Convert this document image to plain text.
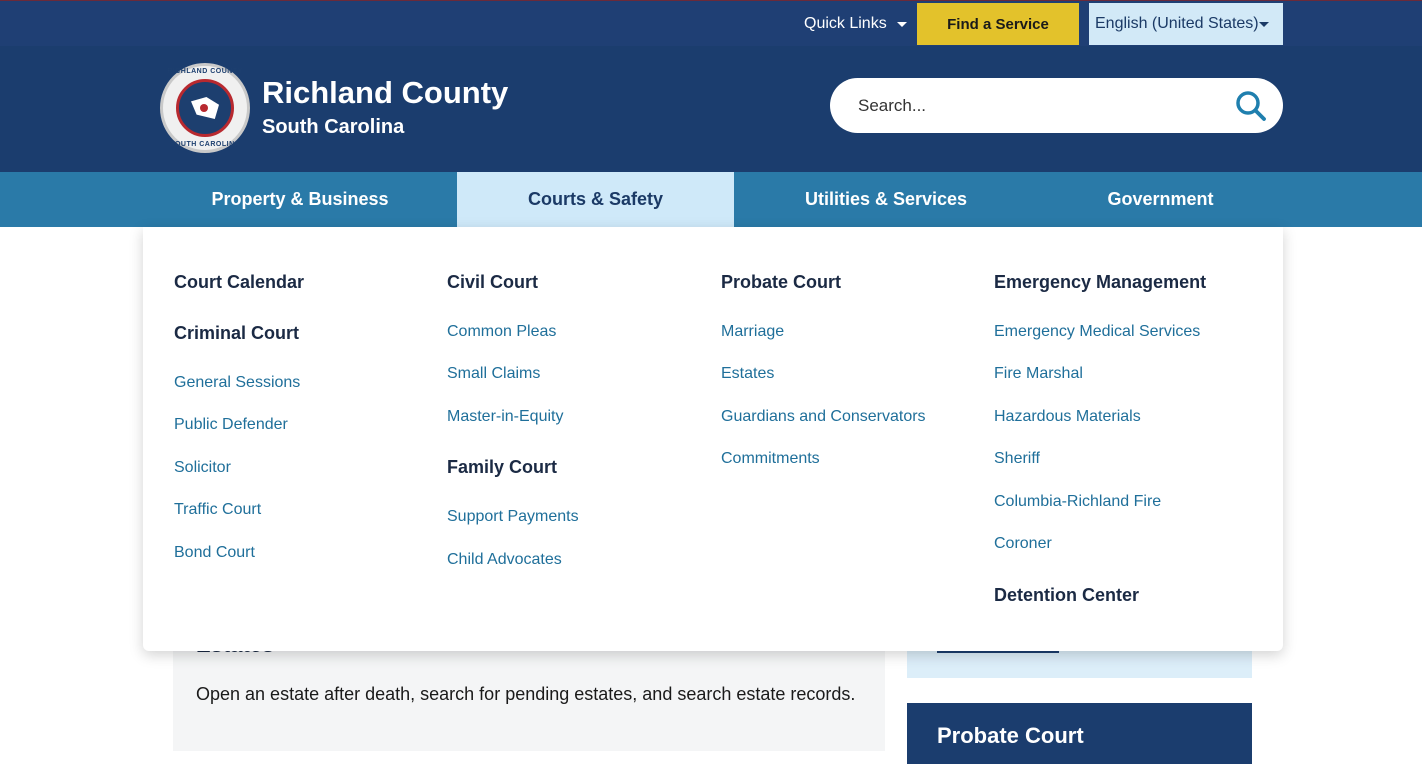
Quick Links	Find a Service	English (United States)
RICHLAND COUNTY
SOUTH CAROLINA
Richland County
South Carolina
Search...
Property & Business	Courts & Safety	Utilities & Services	Government
Open an estate after death, search for pending estates, and search estate records.
Probate Court
Court Calendar
Criminal Court
General Sessions
Public Defender
Solicitor
Traffic Court
Bond Court
Civil Court
Common Pleas
Small Claims
Master-in-Equity
Family Court
Support Payments
Child Advocates
Probate Court
Marriage
Estates
Guardians and Conservators
Commitments
Emergency Management
Emergency Medical Services
Fire Marshal
Hazardous Materials
Sheriff
Columbia-Richland Fire
Coroner
Detention Center
